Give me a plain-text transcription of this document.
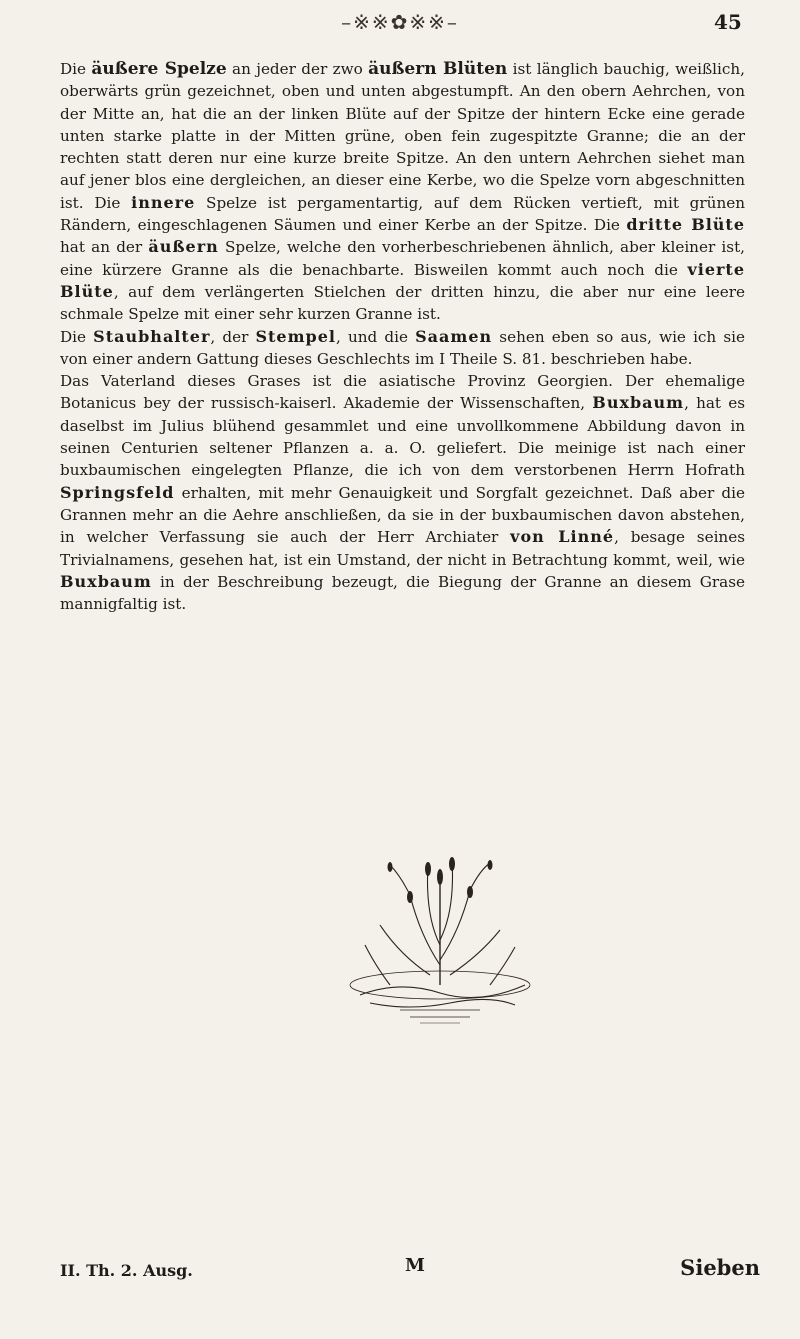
–※※✿※※–	45

Die äußere Spelze an jeder der zwo äußern Blüten ist länglich bauchig, weißlich, oberwärts grün gezeichnet, oben und unten abgestumpft. An den obern Aehrchen, von der Mitte an, hat die an der linken Blüte auf der Spitze der hintern Ecke eine gerade unten starke platte in der Mitten grüne, oben fein zugespitzte Granne; die an der rechten statt deren nur eine kurze breite Spitze. An den untern Aehrchen siehet man auf jener blos eine dergleichen, an dieser eine Kerbe, wo die Spelze vorn abgeschnitten ist. Die innere Spelze ist pergamentartig, auf dem Rücken vertieft, mit grünen Rändern, eingeschlagenen Säumen und einer Kerbe an der Spitze. Die dritte Blüte hat an der äußern Spelze, welche den vorherbeschriebenen ähnlich, aber kleiner ist, eine kürzere Granne als die benachbarte. Bisweilen kommt auch noch die vierte Blüte, auf dem verlängerten Stielchen der dritten hinzu, die aber nur eine leere schmale Spelze mit einer sehr kurzen Granne ist.

Die Staubhalter, der Stempel, und die Saamen sehen eben so aus, wie ich sie von einer andern Gattung dieses Geschlechts im I Theile S. 81. beschrieben habe.

Das Vaterland dieses Grases ist die asiatische Provinz Georgien. Der ehemalige Botanicus bey der russisch-kaiserl. Akademie der Wissenschaften, Buxbaum, hat es daselbst im Julius blühend gesammlet und eine unvollkommene Abbildung davon in seinen Centurien seltener Pflanzen a. a. O. geliefert. Die meinige ist nach einer buxbaumischen eingelegten Pflanze, die ich von dem verstorbenen Herrn Hofrath Springsfeld erhalten, mit mehr Genauigkeit und Sorgfalt gezeichnet. Daß aber die Grannen mehr an die Aehre anschließen, da sie in der buxbaumischen davon abstehen, in welcher Verfassung sie auch der Herr Archiater von Linné, besage seines Trivialnamens, gesehen hat, ist ein Umstand, der nicht in Betrachtung kommt, weil, wie Buxbaum in der Beschreibung bezeugt, die Biegung der Granne an diesem Grase mannigfaltig ist.

II. Th. 2. Ausg.	M	Sieben
